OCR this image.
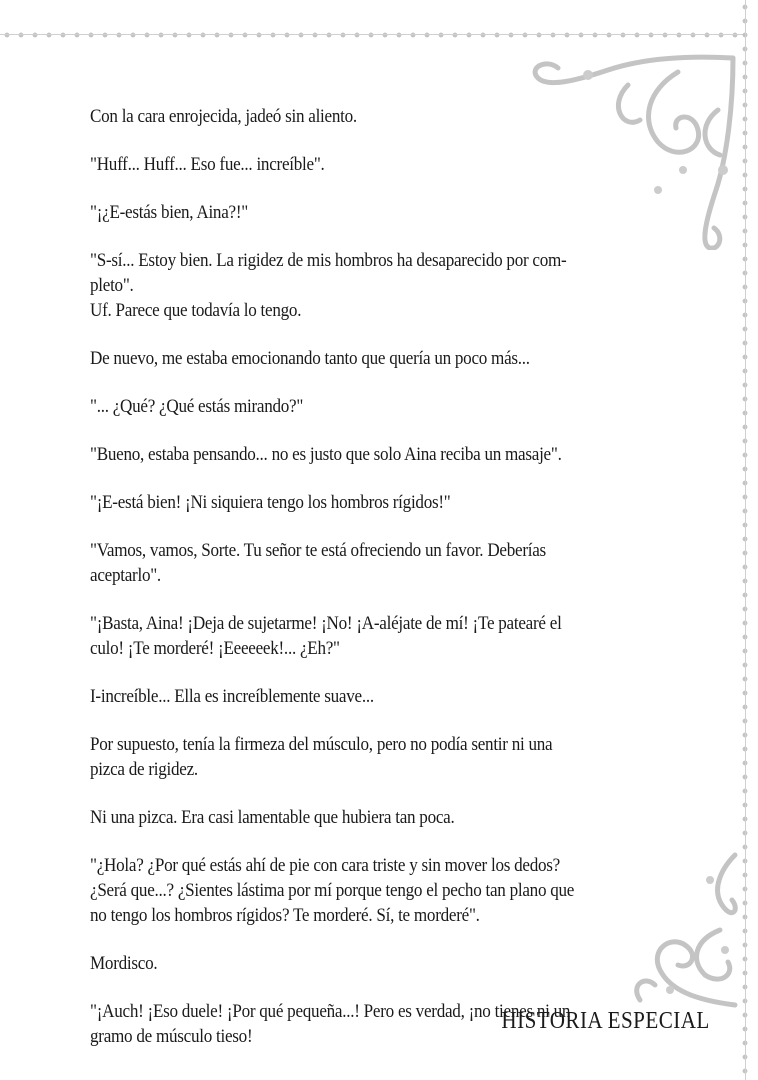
Con la cara enrojecida, jadeó sin aliento.

"Huff... Huff... Eso fue... increíble".

"¡¿E-estás bien, Aina?!"

"S-sí... Estoy bien. La rigidez de mis hombros ha desaparecido por com-
pleto".
Uf. Parece que todavía lo tengo.

De nuevo, me estaba emocionando tanto que quería un poco más...

"... ¿Qué? ¿Qué estás mirando?"

"Bueno, estaba pensando... no es justo que solo Aina reciba un masaje".

"¡E-está bien! ¡Ni siquiera tengo los hombros rígidos!"

"Vamos, vamos, Sorte. Tu señor te está ofreciendo un favor. Deberías
aceptarlo".

"¡Basta, Aina! ¡Deja de sujetarme! ¡No! ¡A-aléjate de mí! ¡Te patearé el
culo! ¡Te morderé! ¡Eeeeeek!... ¿Eh?"

I-increíble... Ella es increíblemente suave...

Por supuesto, tenía la firmeza del músculo, pero no podía sentir ni una
pizca de rigidez.

Ni una pizca. Era casi lamentable que hubiera tan poca.

"¿Hola? ¿Por qué estás ahí de pie con cara triste y sin mover los dedos?
¿Será que...? ¿Sientes lástima por mí porque tengo el pecho tan plano que
no tengo los hombros rígidos? Te morderé. Sí, te morderé".

Mordisco.

"¡Auch! ¡Eso duele! ¡Por qué pequeña...! Pero es verdad, ¡no tienes ni un
gramo de músculo tieso!

HISTORIA ESPECIAL
